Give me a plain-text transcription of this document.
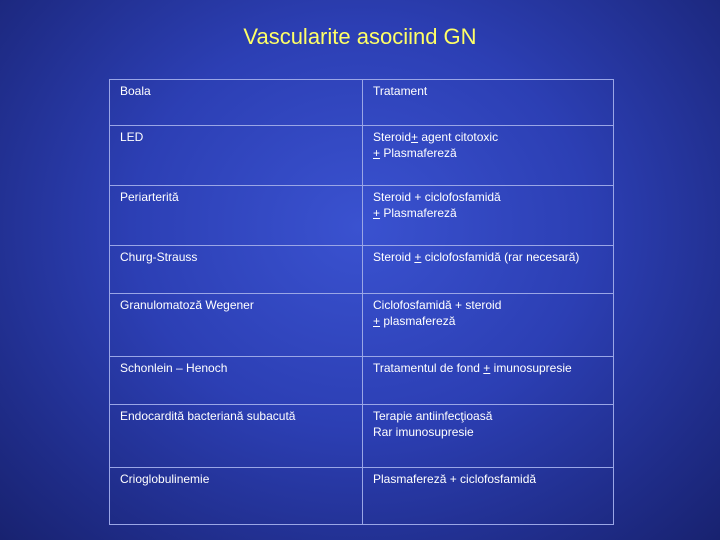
Vascularite asociind GN
Boala	Tratament
LED	Steroid+ agent citotoxic
+ Plasmafereză

Periarterită	Steroid + ciclofosfamidă
+ Plasmafereză

Churg-Strauss	Steroid + ciclofosfamidă (rar necesară)

Granulomatoză Wegener	Ciclofosfamidă + steroid
+ plasmafereză

Schonlein – Henoch	Tratamentul de fond + imunosupresie

Endocardită bacteriană subacută	Terapie antiinfecţioasă
Rar imunosupresie

Crioglobulinemie	Plasmafereză + ciclofosfamidă
